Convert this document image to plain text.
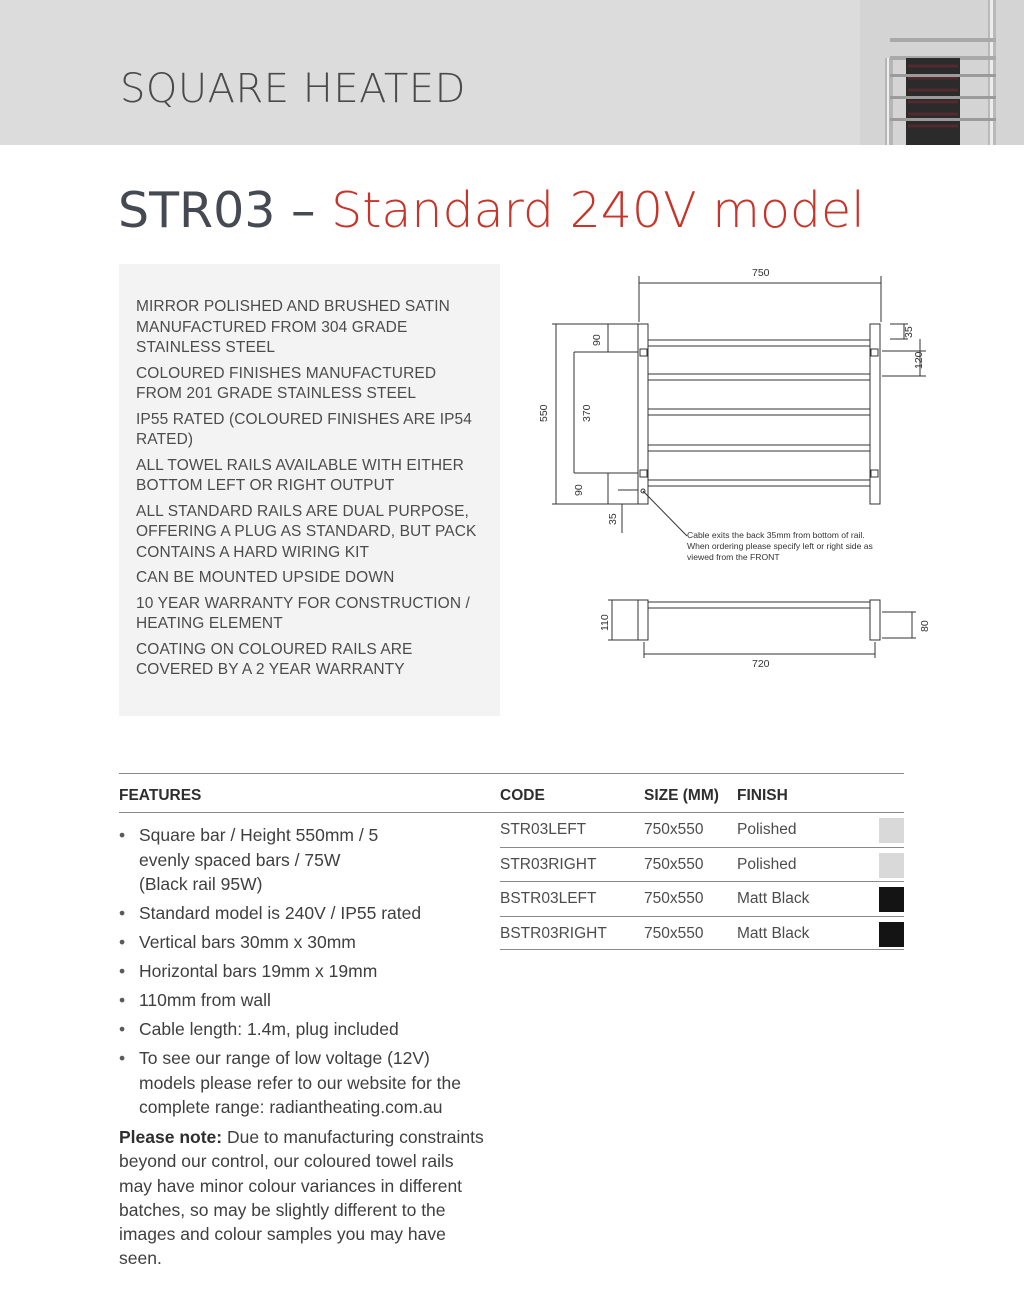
SQUARE HEATED
STR03 – Standard 240V model
MIRROR POLISHED AND BRUSHED SATIN MANUFACTURED FROM 304 GRADE STAINLESS STEEL
COLOURED FINISHES MANUFACTURED FROM 201 GRADE STAINLESS STEEL
IP55 RATED (COLOURED FINISHES ARE IP54 RATED)
ALL TOWEL RAILS AVAILABLE WITH EITHER BOTTOM LEFT OR RIGHT OUTPUT
ALL STANDARD RAILS ARE DUAL PURPOSE, OFFERING A PLUG AS STANDARD, BUT PACK CONTAINS A HARD WIRING KIT
CAN BE MOUNTED UPSIDE DOWN
10 YEAR WARRANTY FOR CONSTRUCTION / HEATING ELEMENT
COATING ON COLOURED RAILS ARE COVERED BY A 2 YEAR WARRANTY
750
550
90
370
90
35
35
120
110	80
720
Cable exits the back 35mm from bottom of rail.
When ordering please specify left or right side as
viewed from the FRONT
FEATURES	CODE	SIZE (MM) FINISH
• Square bar / Height 550mm / 5 evenly spaced bars / 75W (Black rail 95W)
• Standard model is 240V / IP55 rated
• Vertical bars 30mm x 30mm
• Horizontal bars 19mm x 19mm
• 110mm from wall
• Cable length: 1.4m, plug included
• To see our range of low voltage (12V) models please refer to our website for the complete range: radiantheating.com.au

Please note: Due to manufacturing constraints beyond our control, our coloured towel rails may have minor colour variances in different batches, so may be slightly different to the images and colour samples you may have seen.

STR03LEFT	750x550 Polished
STR03RIGHT	750x550 Polished
BSTR03LEFT	750x550 Matt Black
BSTR03RIGHT 750x550 Matt Black
